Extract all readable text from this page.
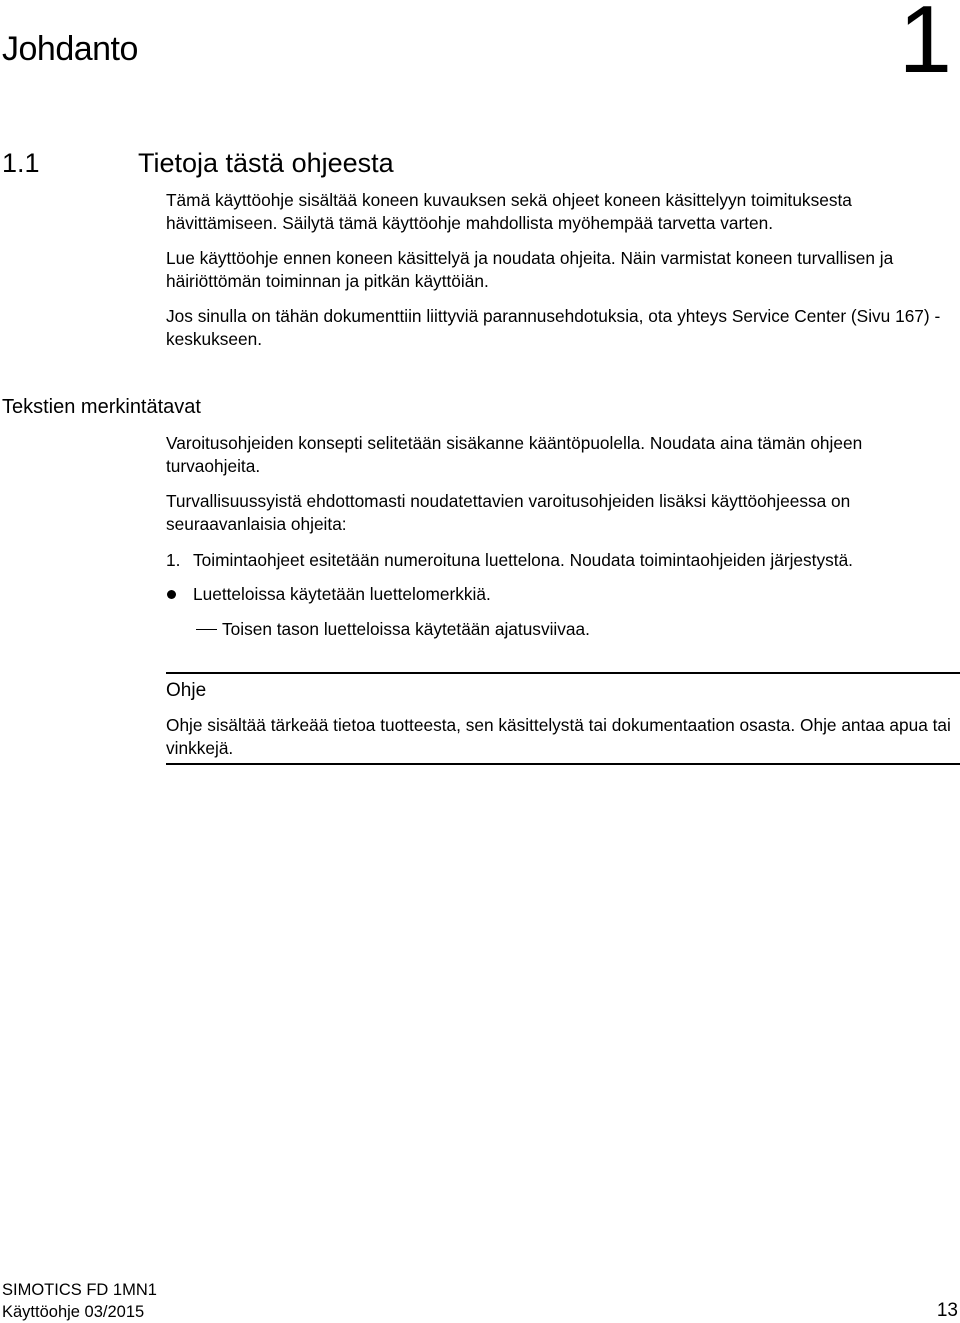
Johdanto	1
1.1	Tietoja tästä ohjeesta
Tämä käyttöohje sisältää koneen kuvauksen sekä ohjeet koneen käsittelyyn toimituksesta hävittämiseen. Säilytä tämä käyttöohje mahdollista myöhempää tarvetta varten.
Lue käyttöohje ennen koneen käsittelyä ja noudata ohjeita. Näin varmistat koneen turvallisen ja häiriöttömän toiminnan ja pitkän käyttöiän.
Jos sinulla on tähän dokumenttiin liittyviä parannusehdotuksia, ota yhteys Service Center (Sivu 167) -keskukseen.
Tekstien merkintätavat
Varoitusohjeiden konsepti selitetään sisäkanne kääntöpuolella. Noudata aina tämän ohjeen turvaohjeita.
Turvallisuussyistä ehdottomasti noudatettavien varoitusohjeiden lisäksi käyttöohjeessa on seuraavanlaisia ohjeita:
1. Toimintaohjeet esitetään numeroituna luettelona. Noudata toimintaohjeiden järjestystä.
Luetteloissa käytetään luettelomerkkiä.
Toisen tason luetteloissa käytetään ajatusviivaa.
Ohje
Ohje sisältää tärkeää tietoa tuotteesta, sen käsittelystä tai dokumentaation osasta. Ohje antaa apua tai vinkkejä.
SIMOTICS FD 1MN1
Käyttöohje 03/2015	13
